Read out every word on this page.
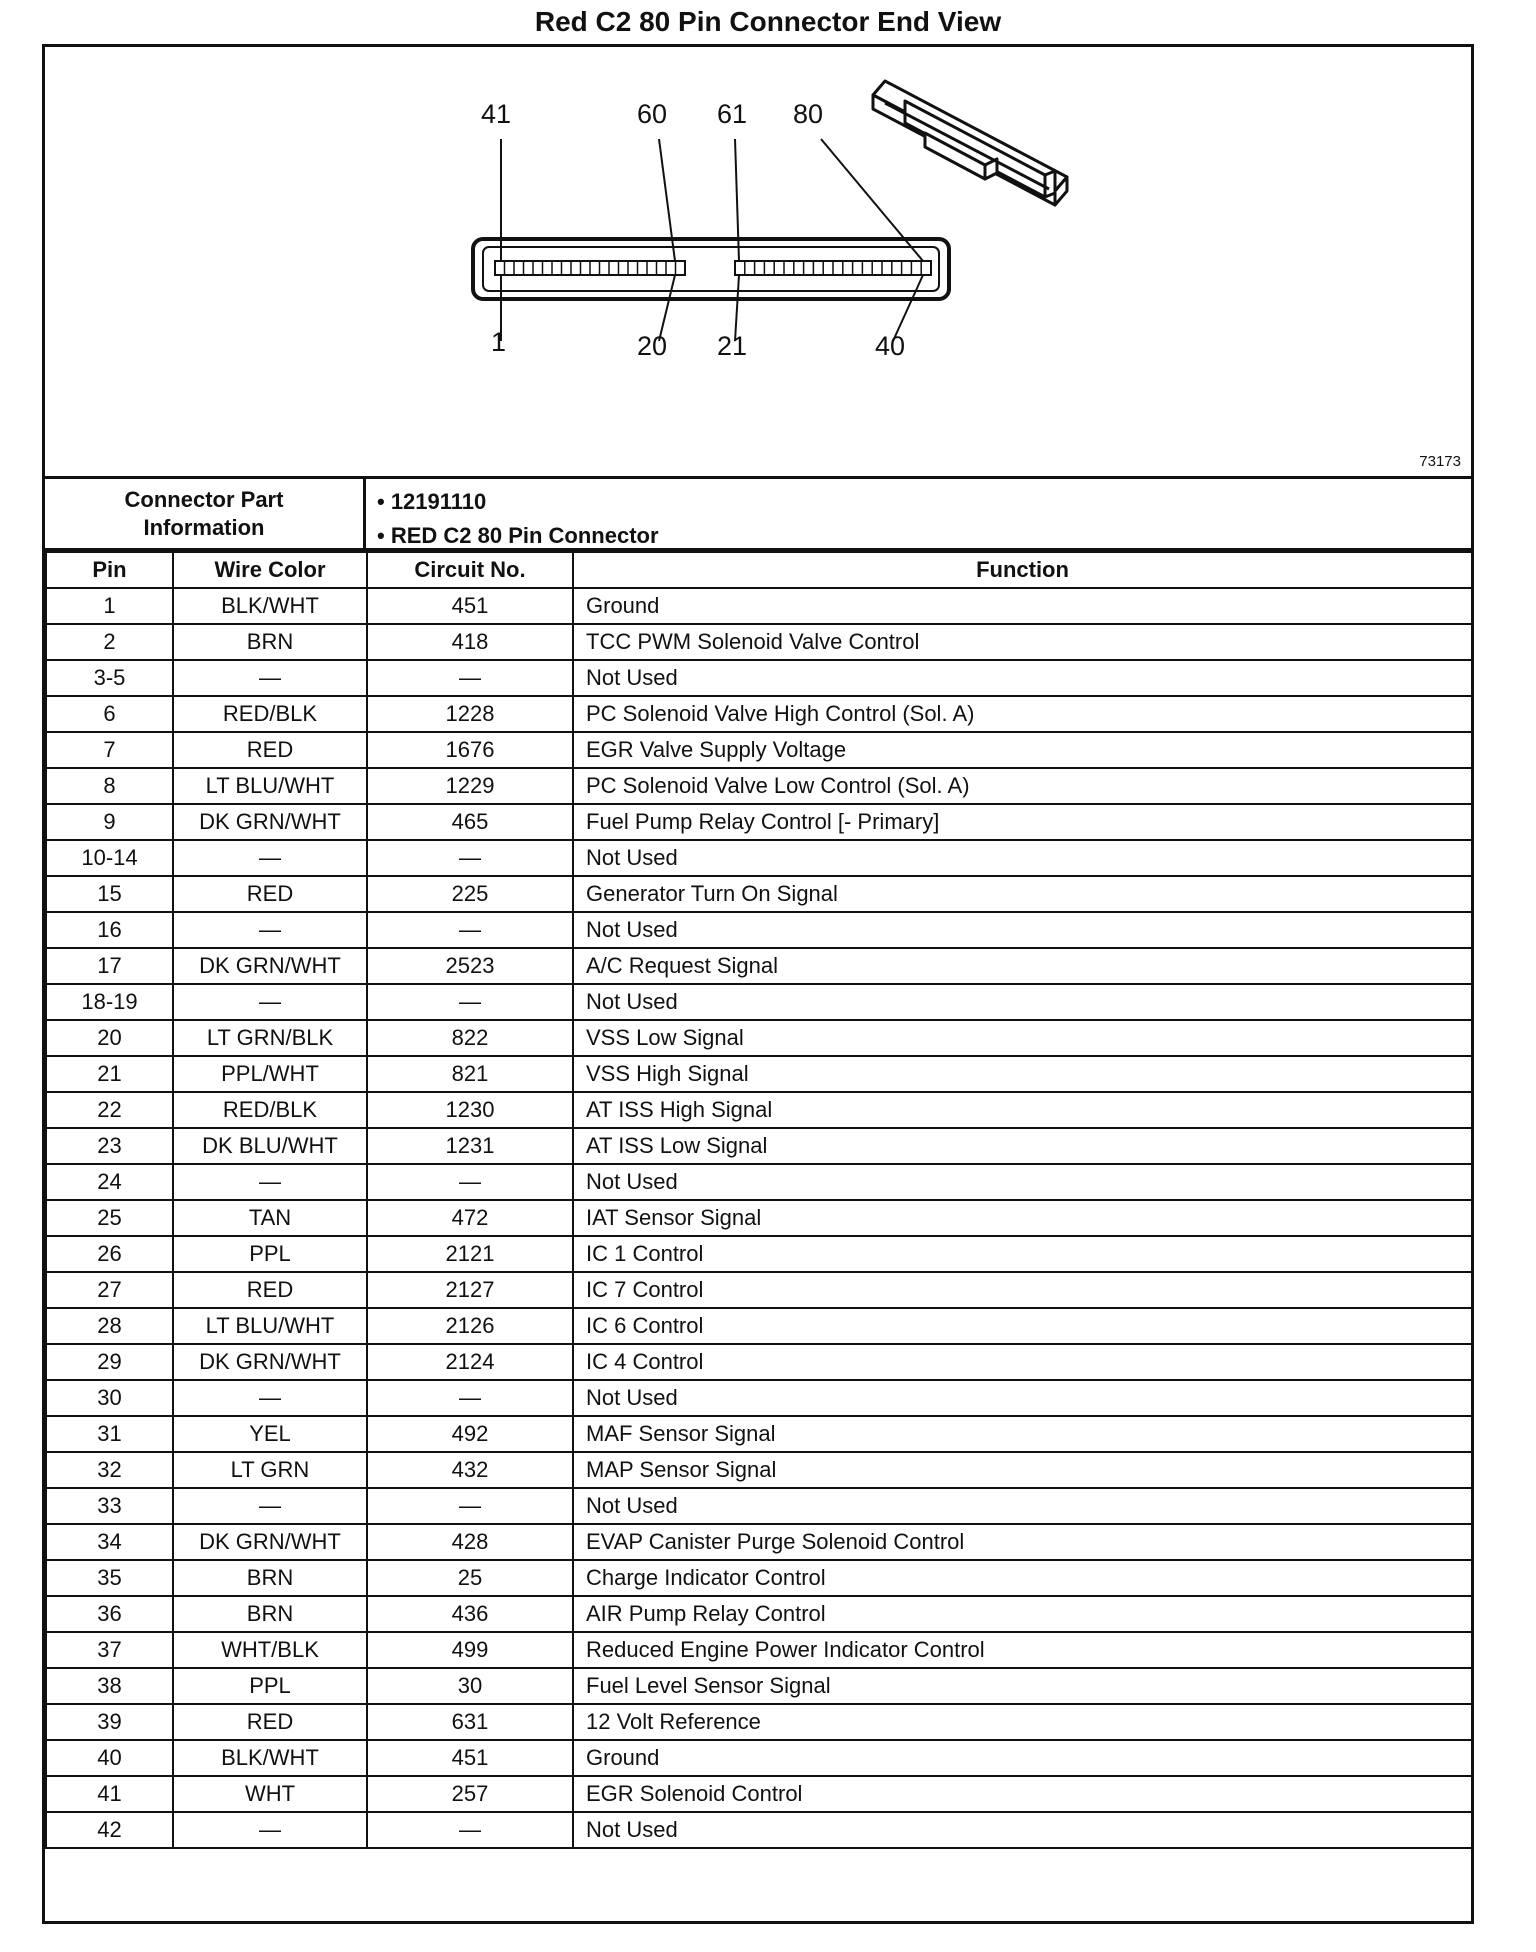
Red C2 80 Pin Connector End View
41	60 61 80
1	20 21	40
73173
Connector Part
Information
• 12191110
• RED C2 80 Pin Connector
Pin	Wire Color	Circuit No.	Function
1	BLK/WHT	451	Ground
2	BRN	418	TCC PWM Solenoid Valve Control
3-5	—	—	Not Used
6	RED/BLK	1228	PC Solenoid Valve High Control (Sol. A)
7	RED	1676	EGR Valve Supply Voltage
8	LT BLU/WHT	1229	PC Solenoid Valve Low Control (Sol. A)
9	DK GRN/WHT	465	Fuel Pump Relay Control [- Primary]
10-14	—	—	Not Used
15	RED	225	Generator Turn On Signal
16	—	—	Not Used
17	DK GRN/WHT	2523	A/C Request Signal
18-19	—	—	Not Used
20	LT GRN/BLK	822	VSS Low Signal
21	PPL/WHT	821	VSS High Signal
22	RED/BLK	1230	AT ISS High Signal
23	DK BLU/WHT	1231	AT ISS Low Signal
24	—	—	Not Used
25	TAN	472	IAT Sensor Signal
26	PPL	2121	IC 1 Control
27	RED	2127	IC 7 Control
28	LT BLU/WHT	2126	IC 6 Control
29	DK GRN/WHT	2124	IC 4 Control
30	—	—	Not Used
31	YEL	492	MAF Sensor Signal
32	LT GRN	432	MAP Sensor Signal
33	—	—	Not Used
34	DK GRN/WHT	428	EVAP Canister Purge Solenoid Control
35	BRN	25	Charge Indicator Control
36	BRN	436	AIR Pump Relay Control
37	WHT/BLK	499	Reduced Engine Power Indicator Control
38	PPL	30	Fuel Level Sensor Signal
39	RED	631	12 Volt Reference
40	BLK/WHT	451	Ground
41	WHT	257	EGR Solenoid Control
42	—	—	Not Used
